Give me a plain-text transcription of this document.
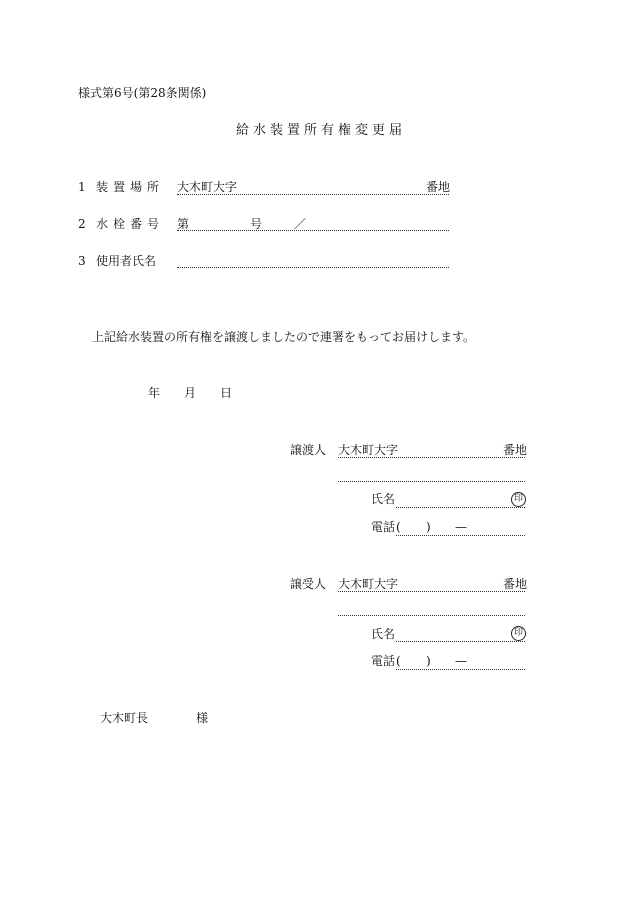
様式第6号(第28条関係)
給水装置所有権変更届
1 装置場所 大木町大字	番地
2 水栓番号 第	号	／
3 使用者氏名
上記給水装置の所有権を譲渡しましたので連署をもってお届けします。
年 月 日
譲渡人 大木町大字	番地
氏名	印
電話 ( ) —
譲受人 大木町大字	番地
氏名	印
電話 ( ) —
大木町長	様
